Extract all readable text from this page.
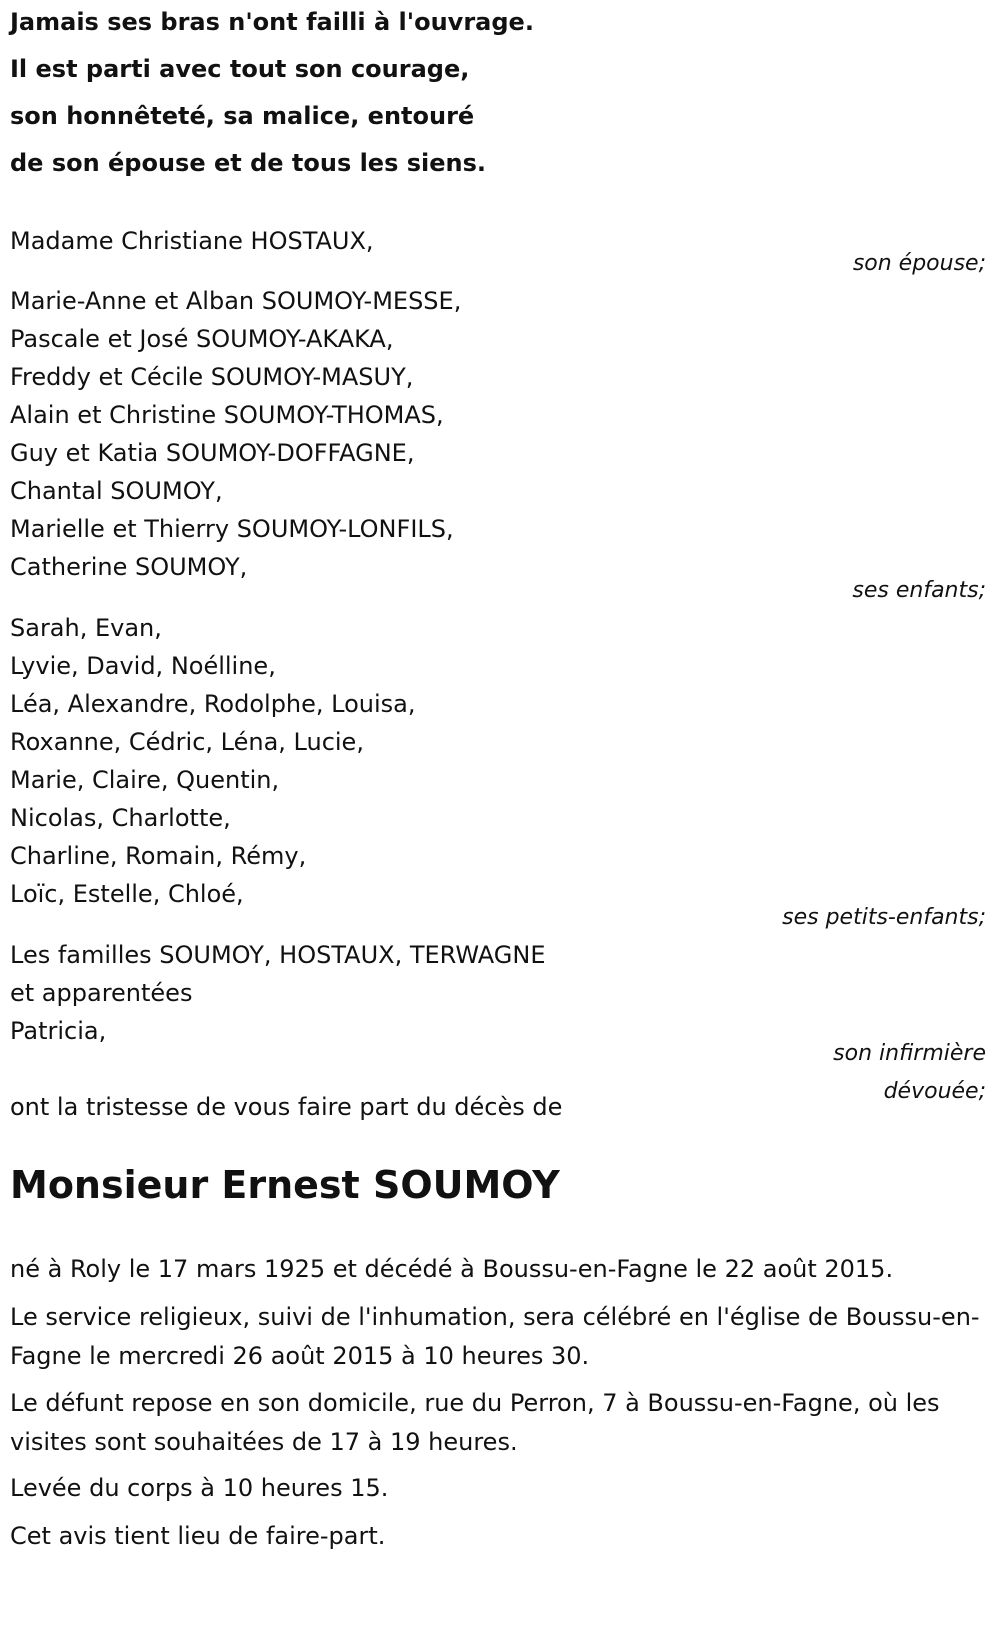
Jamais ses bras n'ont failli à l'ouvrage.

Il est parti avec tout son courage,

son honnêteté, sa malice, entouré

de son épouse et de tous les siens.

Madame Christiane HOSTAUX,

son épouse;

Marie-Anne et Alban SOUMOY-MESSE,

Pascale et José SOUMOY-AKAKA,

Freddy et Cécile SOUMOY-MASUY,

Alain et Christine SOUMOY-THOMAS,

Guy et Katia SOUMOY-DOFFAGNE,

Chantal SOUMOY,

Marielle et Thierry SOUMOY-LONFILS,

Catherine SOUMOY,

ses enfants;

Sarah, Evan,

Lyvie, David, Noélline,

Léa, Alexandre, Rodolphe, Louisa,

Roxanne, Cédric, Léna, Lucie,

Marie, Claire, Quentin,

Nicolas, Charlotte,

Charline, Romain, Rémy,

Loïc, Estelle, Chloé,

ses petits-enfants;

Les familles SOUMOY, HOSTAUX, TERWAGNE

et apparentées

Patricia,

son infirmière

dévouée;

ont la tristesse de vous faire part du décès de

Monsieur Ernest SOUMOY

né à Roly le 17 mars 1925 et décédé à Boussu-en-Fagne le 22 août 2015.

Le service religieux, suivi de l'inhumation, sera célébré en l'église de Boussu-en-Fagne le mercredi 26 août 2015 à 10 heures 30.

Le défunt repose en son domicile, rue du Perron, 7 à Boussu-en-Fagne, où les visites sont souhaitées de 17 à 19 heures.

Levée du corps à 10 heures 15.

Cet avis tient lieu de faire-part.
